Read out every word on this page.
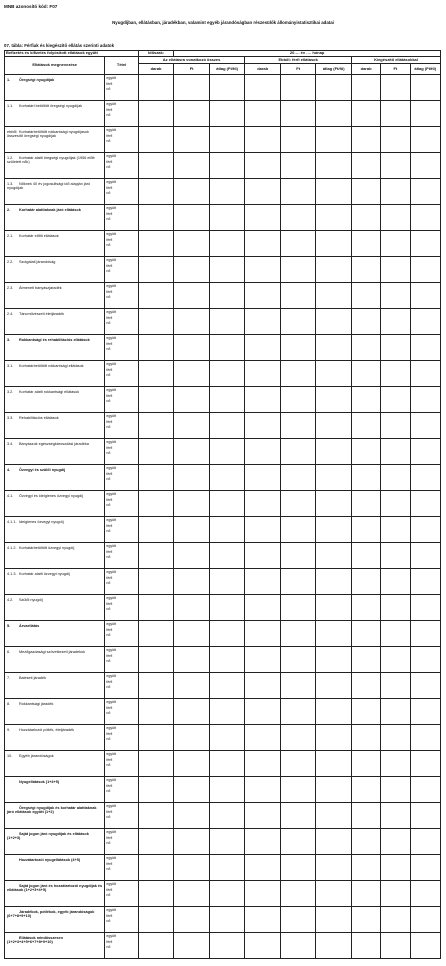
MNB azonosító kód: F07
Nyugdíjban, ellátásban, járadékban, valamint egyéb járandóságban részesülők állományistatisztikai adatai
07. tábla: Férfiak és kiegészítő ellátás szerinti adatok
Befizetés és kifizetés folyósított ellátások együtt		Időszak:	20…. év …. hónap							
Ellátások megnevezése	Tétel	Az ellátásra vonatkozó összes			Ebből: férfi ellátások			Kiegészítő ellátásokkal		
		darab	Ft	átlag (Ft/fő)	darab	Ft	átlag (Ft/fő)	darab	Ft	átlag (Ft/fő)
1. Öregségi nyugdíjak	együtt
férfi
nő									

1.1. Korhatárt betöltött öregségi nyugdíjak	együtt
férfi
nő									

ebből: Korhatárbetöltött rokkantsági nyugdíjasok összesítő öregségi nyugdíjak	együtt
férfi
nő									

1.2. Korhatár alatti öregségi nyugdíjak (1956 előtt született nők)	együtt
férfi
nő									

1.3. Nőknek 40 év jogosultsági idő alapján járó nyugdíjak	együtt
férfi
nő									

2. Korhatár alattiaknak járó ellátások	együtt
férfi
nő									

2.1. Korhatár előtti ellátások	együtt
férfi
nő									

2.2. Szolgálati járandóság	együtt
férfi
nő									

2.3. Átmeneti bányászjáradék	együtt
férfi
nő									

2.4. Táncművészeti életjáradék	együtt
férfi
nő									

3. Rokkantsági és rehabilitációs ellátások	együtt
férfi
nő									

3.1. Korhatárbetöltött rokkantsági ellátások	együtt
férfi
nő									

3.2. Korhatár alatti rokkantsági ellátások	együtt
férfi
nő									

3.3. Rehabilitációs ellátások	együtt
férfi
nő									

3.4. Bányászok egészségkárosodási járadéka	együtt
férfi
nő									

4. Özvegyi és szülői nyugdíj	együtt
férfi
nő									

4.1. Özvegyi és ideiglenes özvegyi nyugdíj	együtt
férfi
nő									

4.1.1. Ideiglenes özvegyi nyugdíj	együtt
férfi
nő									

4.1.2. Korhatárbetöltött özvegyi nyugdíj	együtt
férfi
nő									

4.1.3. Korhatár alatti özvegyi nyugdíj	együtt
férfi
nő									

4.2. Szülői nyugdíj	együtt
férfi
nő									

5. Árvaellátás	együtt
férfi
nő									

6. Mezőgazdasági szövetkezeti járadékok	együtt
férfi
nő									

7. Baleseti járadék	együtt
férfi
nő									

8. Rokkantsági járadék	együtt
férfi
nő									

9. Hozzátartozói pótlék, életjáradék	együtt
férfi
nő									

10. Egyéb járandóságok	együtt
férfi
nő									

Nyugellátások (1+4+5)	együtt
férfi
nő									

Öregségi nyugdíjak és korhatár alattiaknak járó ellátások együtt (1+2)	együtt
férfi
nő									

Saját jogon járó nyugdíjak és ellátások (1+2+3)	együtt
férfi
nő									

Hozzátartozói nyugellátások (4+5)	együtt
férfi
nő									

Saját jogon járó és hozzátartozói nyugdíjak és ellátások (1+2+3+4+5)	együtt
férfi
nő									

Járadékok, pótlékok, egyéb járandóságok (6+7+8+9+10)	együtt
férfi
nő									

Ellátások mindösszesen (1+2+3+4+5+6+7+8+9+10)	együtt
férfi
nő									
